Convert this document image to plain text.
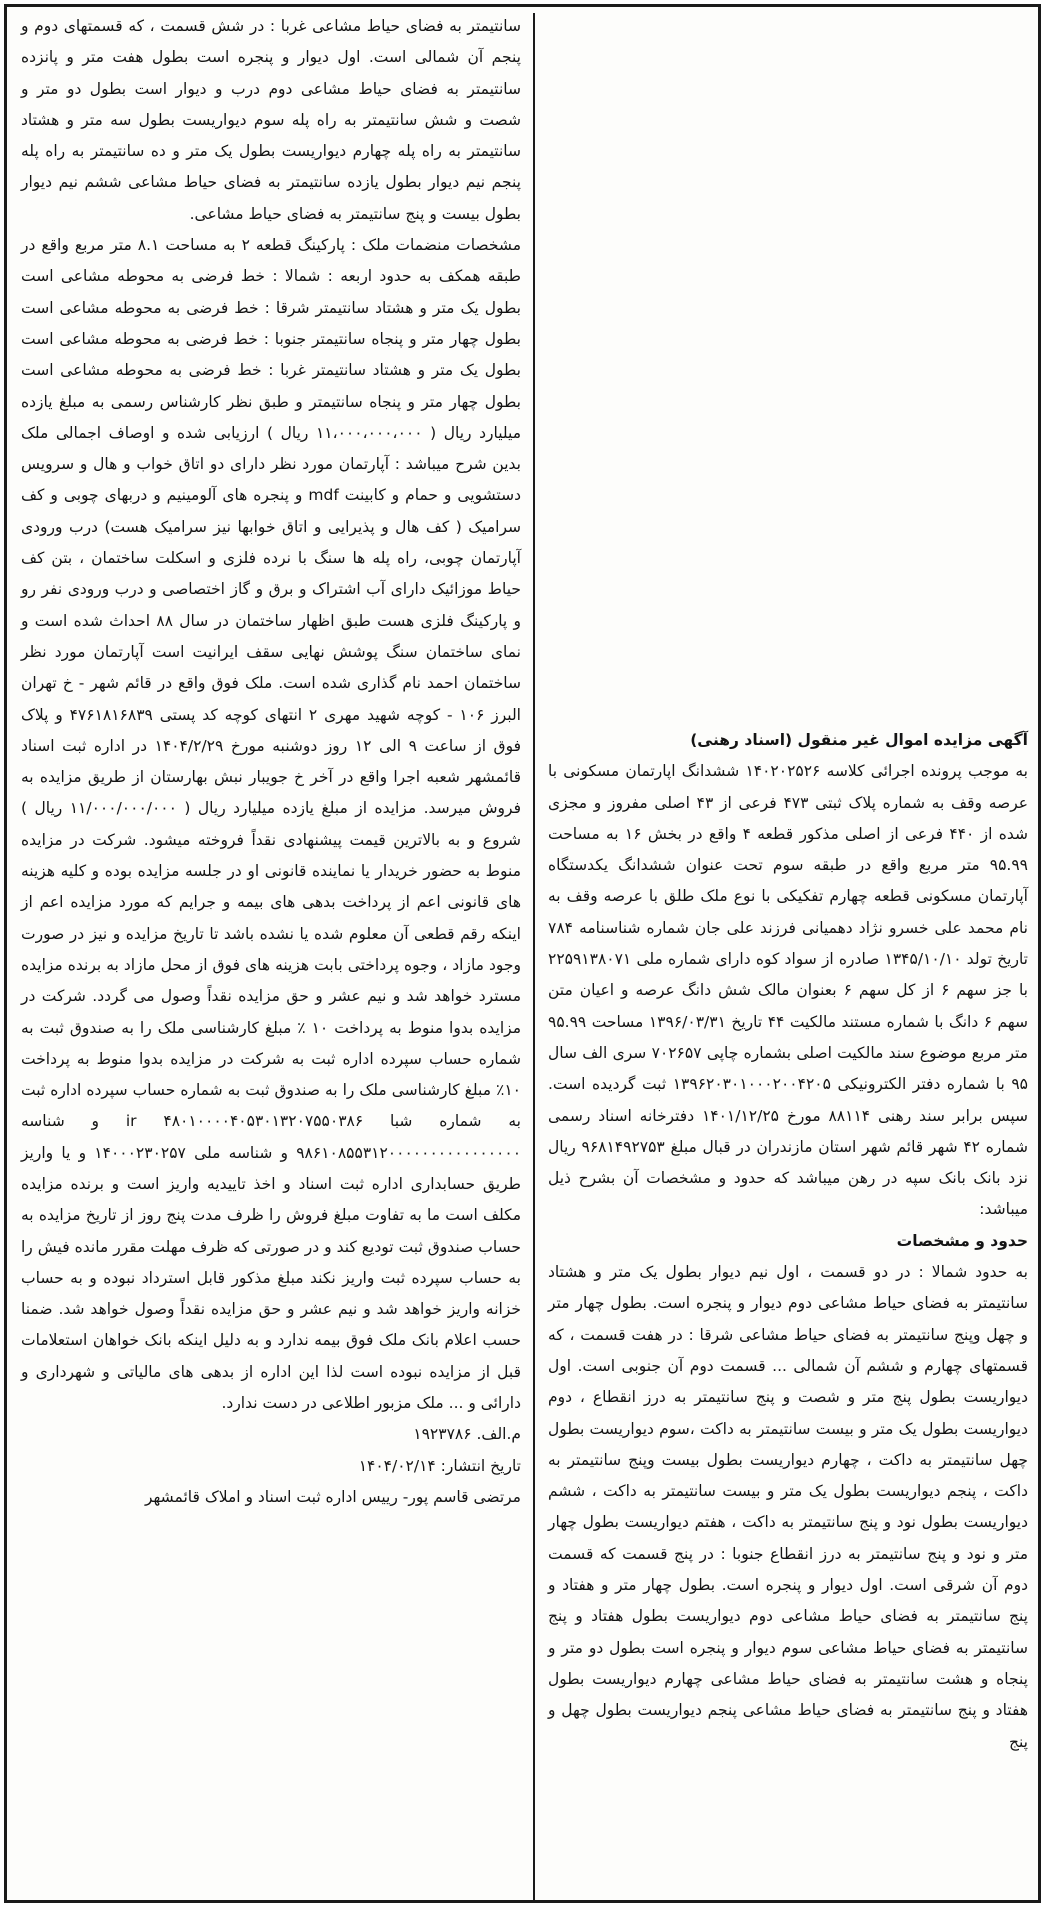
سانتیمتر به فضای حیاط مشاعی غربا : در شش قسمت ، که قسمتهای دوم و پنجم آن شمالی است. اول دیوار و پنجره است بطول هفت متر و پانزده سانتیمتر به فضای حیاط مشاعی دوم درب و دیوار است بطول دو متر و شصت و شش سانتیمتر به راه پله سوم دیواریست بطول سه متر و هشتاد سانتیمتر به راه پله چهارم دیواریست بطول یک متر و ده سانتیمتر به راه پله پنجم نیم دیوار بطول یازده سانتیمتر به فضای حیاط مشاعی ششم نیم دیوار بطول بیست و پنج سانتیمتر به فضای حیاط مشاعی.

مشخصات منضمات ملک : پارکینگ قطعه ۲ به مساحت ۸.۱ متر مربع واقع در طبقه همکف به حدود اربعه : شمالا : خط فرضی به محوطه مشاعی است بطول یک متر و هشتاد سانتیمتر شرقا : خط فرضی به محوطه مشاعی است بطول چهار متر و پنجاه سانتیمتر جنوبا : خط فرضی به محوطه مشاعی است بطول یک متر و هشتاد سانتیمتر غربا : خط فرضی به محوطه مشاعی است بطول چهار متر و پنجاه سانتیمتر و طبق نظر کارشناس رسمی به مبلغ یازده میلیارد ریال ( ۱۱،۰۰۰،۰۰۰،۰۰۰ ریال ) ارزیابی شده و اوصاف اجمالی ملک بدین شرح میباشد : آپارتمان مورد نظر دارای دو اتاق خواب و هال و سرویس دستشویی و حمام و کابینت mdf و پنجره های آلومینیم و دربهای چوبی و کف سرامیک ( کف هال و پذیرایی و اتاق خوابها نیز سرامیک هست) درب ورودی آپارتمان چوبی، راه پله ها سنگ با نرده فلزی و اسکلت ساختمان ، بتن کف حیاط موزائیک دارای آب اشتراک و برق و گاز اختصاصی و درب ورودی نفر رو و پارکینگ فلزی هست طبق اظهار ساختمان در سال ۸۸ احداث شده است و نمای ساختمان سنگ پوشش نهایی سقف ایرانیت است آپارتمان مورد نظر ساختمان احمد نام گذاری شده است. ملک فوق واقع در قائم شهر - خ تهران البرز ۱۰۶ - کوچه شهید مهری ۲ انتهای کوچه کد پستی ۴۷۶۱۸۱۶۸۳۹ و پلاک فوق از ساعت ۹ الی ۱۲ روز دوشنبه مورخ ۱۴۰۴/۲/۲۹ در اداره ثبت اسناد قائمشهر شعبه اجرا واقع در آخر خ جویبار نبش بهارستان از طریق مزایده به فروش میرسد. مزایده از مبلغ یازده میلیارد ریال ( ۱۱/۰۰۰/۰۰۰/۰۰۰ ریال ) شروع و به بالاترین قیمت پیشنهادی نقداً فروخته میشود. شرکت در مزایده منوط به حضور خریدار یا نماینده قانونی او در جلسه مزایده بوده و کلیه هزینه های قانونی اعم از پرداخت بدهی های بیمه و جرایم که مورد مزایده اعم از اینکه رقم قطعی آن معلوم شده یا نشده باشد تا تاریخ مزایده و نیز در صورت وجود مازاد ، وجوه پرداختی بابت هزینه های فوق از محل مازاد به برنده مزایده مسترد خواهد شد و نیم عشر و حق مزایده نقداً وصول می گردد. شرکت در مزایده بدوا منوط به پرداخت ۱۰ ٪ مبلغ کارشناسی ملک را به صندوق ثبت به شماره حساب سپرده اداره ثبت به شرکت در مزایده بدوا منوط به پرداخت ۱۰٪ مبلغ کارشناسی ملک را به صندوق ثبت به شماره حساب سپرده اداره ثبت به شماره شبا ۴۸۰۱۰۰۰۰۴۰۵۳۰۱۳۲۰۷۵۵۰۳۸۶ ir و شناسه ۹۸۶۱۰۸۵۵۳۱۲۰۰۰۰۰۰۰۰۰۰۰۰۰۰۰۰ و شناسه ملی ۱۴۰۰۰۲۳۰۲۵۷ و یا واریز طریق حسابداری اداره ثبت اسناد و اخذ تاییدیه واریز است و برنده مزایده مکلف است ما به تفاوت مبلغ فروش را ظرف مدت پنج روز از تاریخ مزایده به حساب صندوق ثبت تودیع کند و در صورتی که ظرف مهلت مقرر مانده فیش را به حساب سپرده ثبت واریز نکند مبلغ مذکور قابل استرداد نبوده و به حساب خزانه واریز خواهد شد و نیم عشر و حق مزایده نقداً وصول خواهد شد. ضمنا حسب اعلام بانک ملک فوق بیمه ندارد و به دلیل اینکه بانک خواهان استعلامات قبل از مزایده نبوده است لذا این اداره از بدهی های مالیاتی و شهرداری و دارائی و ... ملک مزبور اطلاعی در دست ندارد.

م.الف. ۱۹۲۳۷۸۶

تاریخ انتشار: ۱۴۰۴/۰۲/۱۴

مرتضی قاسم پور- رییس اداره ثبت اسناد و املاک قائمشهر

آگهی مزایده اموال غیر منقول (اسناد رهنی)

به موجب پرونده اجرائی کلاسه ۱۴۰۲۰۲۵۲۶ ششدانگ اپارتمان مسکونی با عرصه وقف به شماره پلاک ثبتی ۴۷۳ فرعی از ۴۳ اصلی مفروز و مجزی شده از ۴۴۰ فرعی از اصلی مذکور قطعه ۴ واقع در بخش ۱۶ به مساحت ۹۵.۹۹ متر مربع واقع در طبقه سوم تحت عنوان ششدانگ یکدستگاه آپارتمان مسکونی قطعه چهارم تفکیکی با نوع ملک طلق با عرصه وقف به نام محمد علی خسرو نژاد دهمیانی فرزند علی جان شماره شناسنامه ۷۸۴ تاریخ تولد ۱۳۴۵/۱۰/۱۰ صادره از سواد کوه دارای شماره ملی ۲۲۵۹۱۳۸۰۷۱ با جز سهم ۶ از کل سهم ۶ بعنوان مالک شش دانگ عرصه و اعیان متن سهم ۶ دانگ با شماره مستند مالکیت ۴۴ تاریخ ۱۳۹۶/۰۳/۳۱ مساحت ۹۵.۹۹ متر مربع موضوع سند مالکیت اصلی بشماره چاپی ۷۰۲۶۵۷ سری الف سال ۹۵ با شماره دفتر الکترونیکی ۱۳۹۶۲۰۳۰۱۰۰۰۲۰۰۴۲۰۵ ثبت گردیده است. سپس برابر سند رهنی ۸۸۱۱۴ مورخ ۱۴۰۱/۱۲/۲۵ دفترخانه اسناد رسمی شماره ۴۲ شهر قائم شهر استان مازندران در قبال مبلغ ۹۶۸۱۴۹۲۷۵۳ ریال نزد بانک بانک سپه در رهن میباشد که حدود و مشخصات آن بشرح ذیل میباشد:

حدود و مشخصات

به حدود شمالا : در دو قسمت ، اول نیم دیوار بطول یک متر و هشتاد سانتیمتر به فضای حیاط مشاعی دوم دیوار و پنجره است. بطول چهار متر و چهل وپنج سانتیمتر به فضای حیاط مشاعی شرقا : در هفت قسمت ، که قسمتهای چهارم و ششم آن شمالی ... قسمت دوم آن جنوبی است. اول دیواریست بطول پنج متر و شصت و پنج سانتیمتر به درز انقطاع ، دوم دیواریست بطول یک متر و بیست سانتیمتر به داکت ،سوم دیواریست بطول چهل سانتیمتر به داکت ، چهارم دیواریست بطول بیست وپنج سانتیمتر به داکت ، پنجم دیواریست بطول یک متر و بیست سانتیمتر به داکت ، ششم دیواریست بطول نود و پنج سانتیمتر به داکت ، هفتم دیواریست بطول چهار متر و نود و پنج سانتیمتر به درز انقطاع جنوبا : در پنج قسمت که قسمت دوم آن شرقی است. اول دیوار و پنجره است. بطول چهار متر و هفتاد و پنج سانتیمتر به فضای حیاط مشاعی دوم دیواریست بطول هفتاد و پنج سانتیمتر به فضای حیاط مشاعی سوم دیوار و پنجره است بطول دو متر و پنجاه و هشت سانتیمتر به فضای حیاط مشاعی چهارم دیواریست بطول هفتاد و پنج سانتیمتر به فضای حیاط مشاعی پنجم دیواریست بطول چهل و پنج
